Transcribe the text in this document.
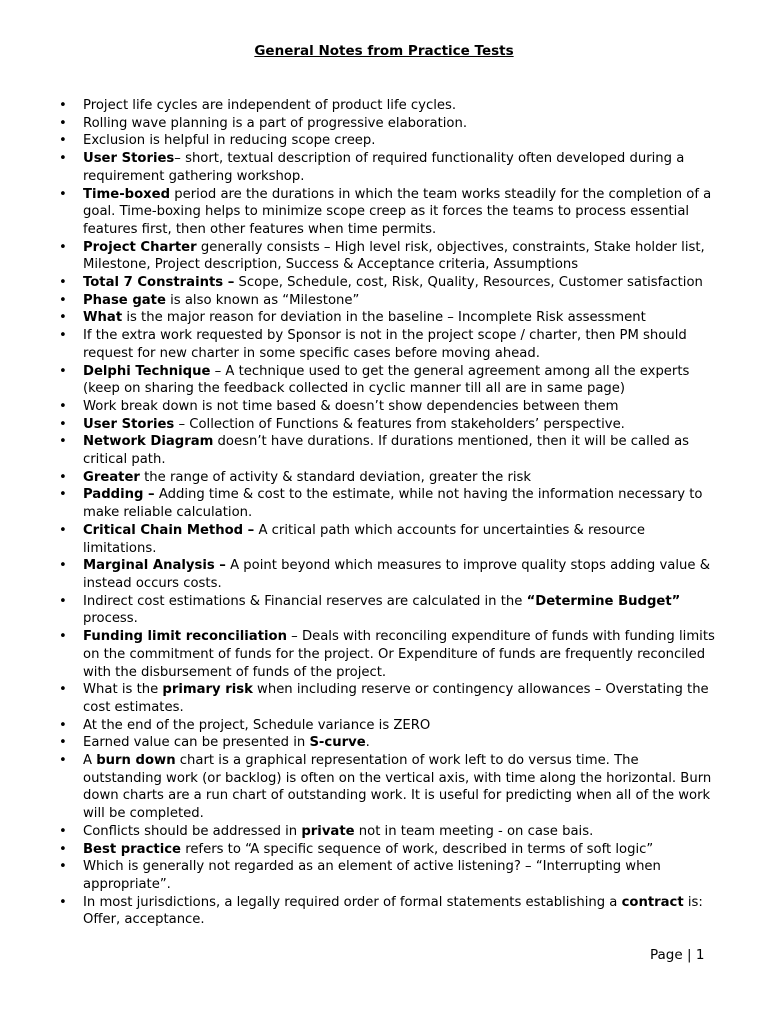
General Notes from Practice Tests
• Project life cycles are independent of product life cycles.
• Rolling wave planning is a part of progressive elaboration.
• Exclusion is helpful in reducing scope creep.
• User Stories– short, textual description of required functionality often developed during a requirement gathering workshop.
• Time-boxed period are the durations in which the team works steadily for the completion of a goal. Time-boxing helps to minimize scope creep as it forces the teams to process essential features first, then other features when time permits.
• Project Charter generally consists – High level risk, objectives, constraints, Stake holder list, Milestone, Project description, Success & Acceptance criteria, Assumptions
• Total 7 Constraints – Scope, Schedule, cost, Risk, Quality, Resources, Customer satisfaction
• Phase gate is also known as “Milestone”
• What is the major reason for deviation in the baseline – Incomplete Risk assessment
• If the extra work requested by Sponsor is not in the project scope / charter, then PM should request for new charter in some specific cases before moving ahead.
• Delphi Technique – A technique used to get the general agreement among all the experts (keep on sharing the feedback collected in cyclic manner till all are in same page)
• Work break down is not time based & doesn’t show dependencies between them
• User Stories – Collection of Functions & features from stakeholders’ perspective.
• Network Diagram doesn’t have durations. If durations mentioned, then it will be called as critical path.
• Greater the range of activity & standard deviation, greater the risk
• Padding – Adding time & cost to the estimate, while not having the information necessary to make reliable calculation.
• Critical Chain Method – A critical path which accounts for uncertainties & resource limitations.
• Marginal Analysis – A point beyond which measures to improve quality stops adding value & instead occurs costs.
• Indirect cost estimations & Financial reserves are calculated in the “Determine Budget” process.
• Funding limit reconciliation – Deals with reconciling expenditure of funds with funding limits on the commitment of funds for the project. Or Expenditure of funds are frequently reconciled with the disbursement of funds of the project.
• What is the primary risk when including reserve or contingency allowances – Overstating the cost estimates.
• At the end of the project, Schedule variance is ZERO
• Earned value can be presented in S-curve.
• A burn down chart is a graphical representation of work left to do versus time. The outstanding work (or backlog) is often on the vertical axis, with time along the horizontal. Burn down charts are a run chart of outstanding work. It is useful for predicting when all of the work will be completed.
• Conflicts should be addressed in private not in team meeting - on case bais.
• Best practice refers to “A specific sequence of work, described in terms of soft logic”
• Which is generally not regarded as an element of active listening? – “Interrupting when appropriate”.
• In most jurisdictions, a legally required order of formal statements establishing a contract is: Offer, acceptance.
Page | 1
